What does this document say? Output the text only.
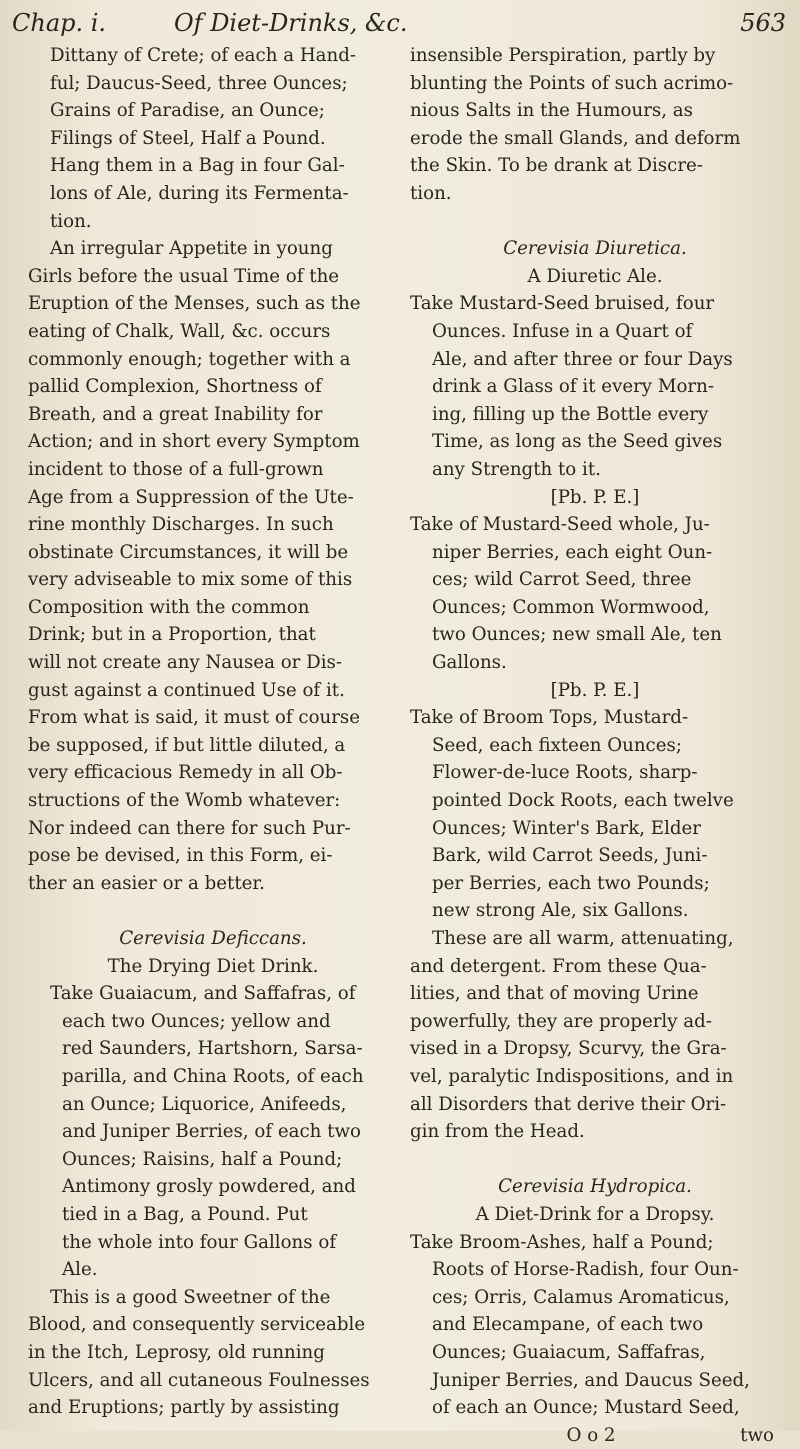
Chap. i.	Of Diet-Drinks, &c.	563
Dittany of Crete; of each a Hand-
ful; Daucus-Seed, three Ounces;
Grains of Paradise, an Ounce;
Filings of Steel, Half a Pound.
Hang them in a Bag in four Gal-
lons of Ale, during its Fermenta-
tion.
An irregular Appetite in young
Girls before the usual Time of the
Eruption of the Menses, such as the
eating of Chalk, Wall, &c. occurs
commonly enough; together with a
pallid Complexion, Shortness of
Breath, and a great Inability for
Action; and in short every Symptom
incident to those of a full-grown
Age from a Suppression of the Ute-
rine monthly Discharges. In such
obstinate Circumstances, it will be
very adviseable to mix some of this
Composition with the common
Drink; but in a Proportion, that
will not create any Nausea or Dis-
gust against a continued Use of it.
From what is said, it must of course
be supposed, if but little diluted, a
very efficacious Remedy in all Ob-
structions of the Womb whatever:
Nor indeed can there for such Pur-
pose be devised, in this Form, ei-
ther an easier or a better.
Cerevisia Deficcans.
The Drying Diet Drink.
Take Guaiacum, and Saffafras, of
each two Ounces; yellow and
red Saunders, Hartshorn, Sarsa-
parilla, and China Roots, of each
an Ounce; Liquorice, Anifeeds,
and Juniper Berries, of each two
Ounces; Raisins, half a Pound;
Antimony grosly powdered, and
tied in a Bag, a Pound. Put
the whole into four Gallons of
Ale.
This is a good Sweetner of the
Blood, and consequently serviceable
in the Itch, Leprosy, old running
Ulcers, and all cutaneous Foulnesses
and Eruptions; partly by assisting
insensible Perspiration, partly by
blunting the Points of such acrimo-
nious Salts in the Humours, as
erode the small Glands, and deform
the Skin. To be drank at Discre-
tion.
Cerevisia Diuretica.
A Diuretic Ale.
Take Mustard-Seed bruised, four
Ounces. Infuse in a Quart of
Ale, and after three or four Days
drink a Glass of it every Morn-
ing, filling up the Bottle every
Time, as long as the Seed gives
any Strength to it.
[Pb. P. E.]
Take of Mustard-Seed whole, Ju-
niper Berries, each eight Oun-
ces; wild Carrot Seed, three
Ounces; Common Wormwood,
two Ounces; new small Ale, ten
Gallons.
[Pb. P. E.]
Take of Broom Tops, Mustard-
Seed, each fixteen Ounces;
Flower-de-luce Roots, sharp-
pointed Dock Roots, each twelve
Ounces; Winter's Bark, Elder
Bark, wild Carrot Seeds, Juni-
per Berries, each two Pounds;
new strong Ale, six Gallons.
These are all warm, attenuating,
and detergent. From these Qua-
lities, and that of moving Urine
powerfully, they are properly ad-
vised in a Dropsy, Scurvy, the Gra-
vel, paralytic Indispositions, and in
all Disorders that derive their Ori-
gin from the Head.
Cerevisia Hydropica.
A Diet-Drink for a Dropsy.
Take Broom-Ashes, half a Pound;
Roots of Horse-Radish, four Oun-
ces; Orris, Calamus Aromaticus,
and Elecampane, of each two
Ounces; Guaiacum, Saffafras,
Juniper Berries, and Daucus Seed,
of each an Ounce; Mustard Seed,
O o 2	two
